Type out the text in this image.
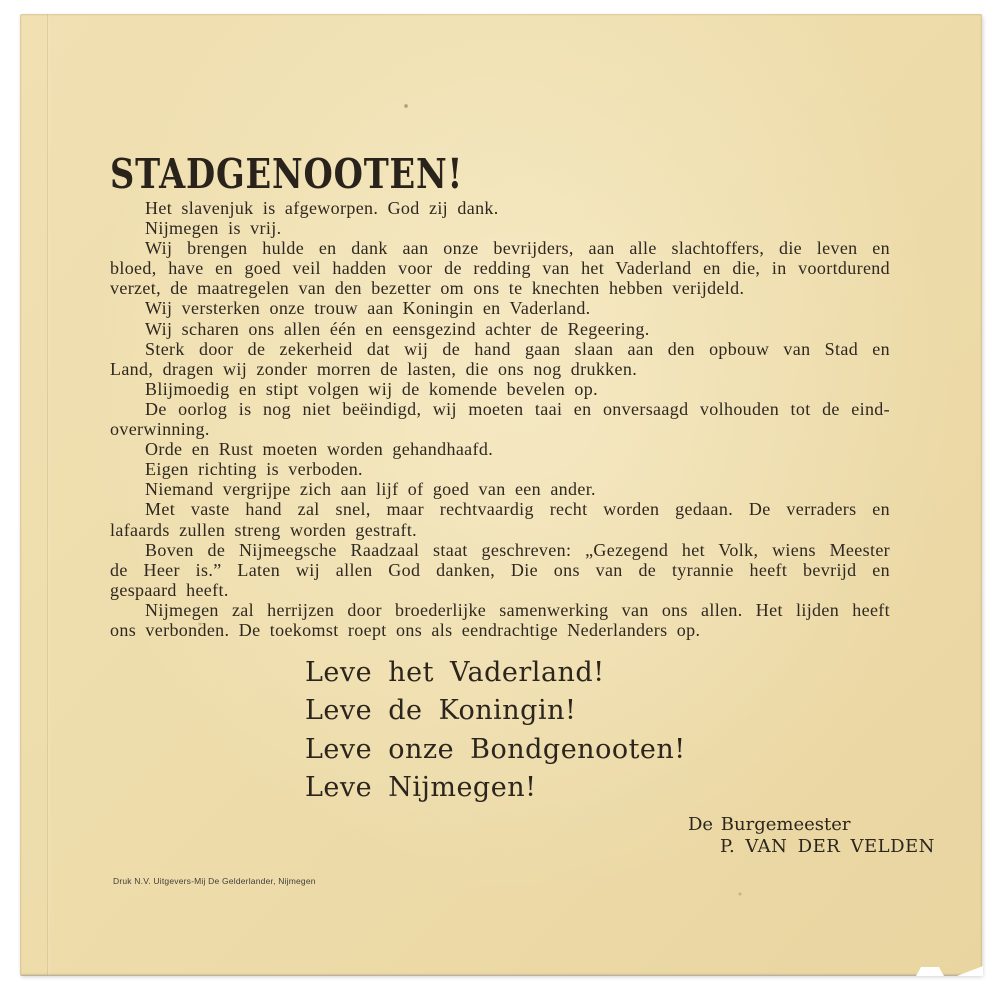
STADGENOOTEN!
Het slavenjuk is afgeworpen. God zij dank.
Nijmegen is vrij.
Wij brengen hulde en dank aan onze bevrijders, aan alle slachtoffers, die leven en
bloed, have en goed veil hadden voor de redding van het Vaderland en die, in voortdurend
verzet, de maatregelen van den bezetter om ons te knechten hebben verijdeld.
Wij versterken onze trouw aan Koningin en Vaderland.
Wij scharen ons allen één en eensgezind achter de Regeering.
Sterk door de zekerheid dat wij de hand gaan slaan aan den opbouw van Stad en
Land, dragen wij zonder morren de lasten, die ons nog drukken.
Blijmoedig en stipt volgen wij de komende bevelen op.
De oorlog is nog niet beëindigd, wij moeten taai en onversaagd volhouden tot de eind-
overwinning.
Orde en Rust moeten worden gehandhaafd.
Eigen richting is verboden.
Niemand vergrijpe zich aan lijf of goed van een ander.
Met vaste hand zal snel, maar rechtvaardig recht worden gedaan. De verraders en
lafaards zullen streng worden gestraft.
Boven de Nijmeegsche Raadzaal staat geschreven: „Gezegend het Volk, wiens Meester
de Heer is.” Laten wij allen God danken, Die ons van de tyrannie heeft bevrijd en
gespaard heeft.
Nijmegen zal herrijzen door broederlijke samenwerking van ons allen. Het lijden heeft
ons verbonden. De toekomst roept ons als eendrachtige Nederlanders op.
Leve het Vaderland!
Leve de Koningin!
Leve onze Bondgenooten!
Leve Nijmegen!
De Burgemeester
P. VAN DER VELDEN
Druk N.V. Uitgevers-Mij De Gelderlander, Nijmegen
